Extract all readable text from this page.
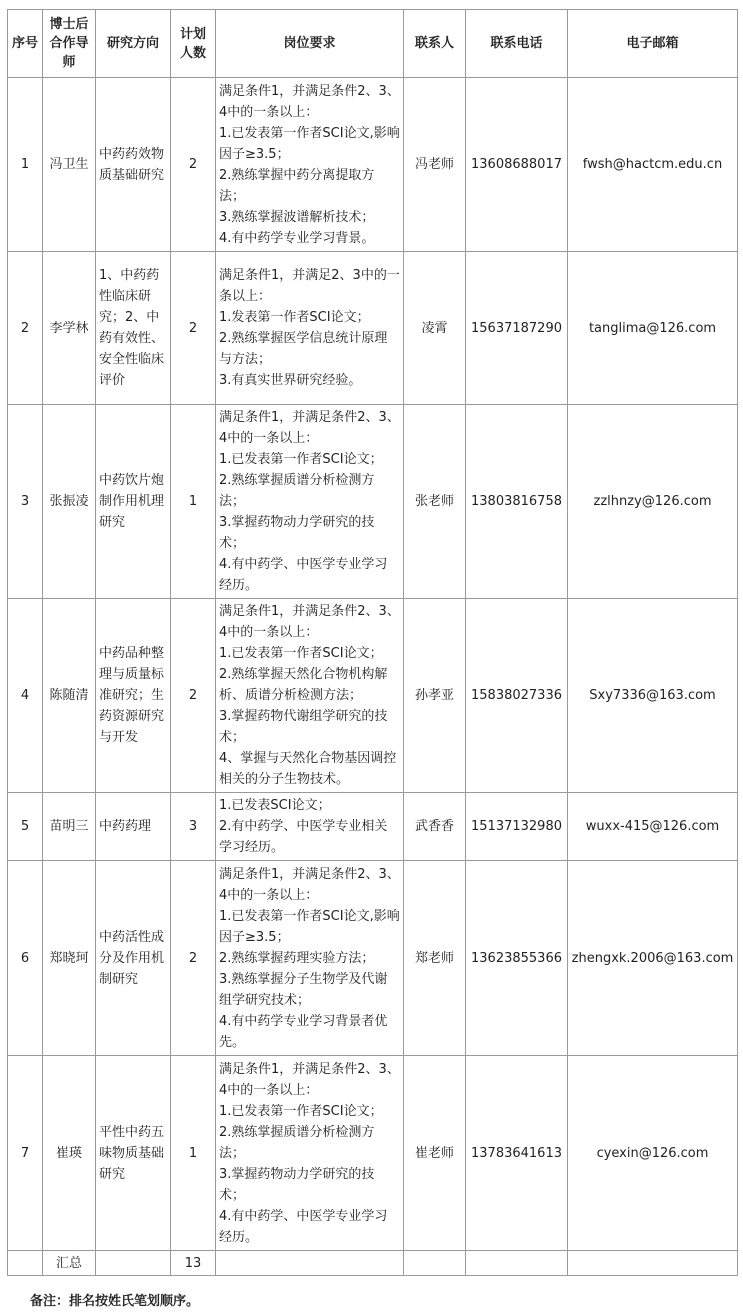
序号	博士后合作导师	研究方向	计划人数	岗位要求	联系人	联系电话	电子邮箱
1	冯卫生	中药药效物质基础研究	2	满足条件1，并满足条件2、3、4中的一条以上：
1.已发表第一作者SCI论文,影响因子≥3.5；
2.熟练掌握中药分离提取方法；
3.熟练掌握波谱解析技术；
4.有中药学专业学习背景。	冯老师	13608688017	fwsh@hactcm.edu.cn
2	李学林	1、中药药性临床研究；2、中药有效性、安全性临床评价	2	满足条件1，并满足2、3中的一条以上：
1.发表第一作者SCI论文；
2.熟练掌握医学信息统计原理与方法；
3.有真实世界研究经验。	凌霄	15637187290	tanglima@126.com
3	张振凌	中药饮片炮制作用机理研究	1	满足条件1，并满足条件2、3、4中的一条以上：
1.已发表第一作者SCI论文；
2.熟练掌握质谱分析检测方法；
3.掌握药物动力学研究的技术；
4.有中药学、中医学专业学习经历。	张老师	13803816758	zzlhnzy@126.com
4	陈随清	中药品种整理与质量标准研究；生药资源研究与开发	2	满足条件1，并满足条件2、3、4中的一条以上：
1.已发表第一作者SCI论文；
2.熟练掌握天然化合物机构解析、质谱分析检测方法；
3.掌握药物代谢组学研究的技术；
4、掌握与天然化合物基因调控相关的分子生物技术。	孙孝亚	15838027336	Sxy7336@163.com
5	苗明三	中药药理	3	1.已发表SCI论文；
2.有中药学、中医学专业相关学习经历。	武香香	15137132980	wuxx-415@126.com
6	郑晓珂	中药活性成分及作用机制研究	2	满足条件1，并满足条件2、3、4中的一条以上：
1.已发表第一作者SCI论文,影响因子≥3.5；
2.熟练掌握药理实验方法；
3.熟练掌握分子生物学及代谢组学研究技术；
4.有中药学专业学习背景者优先。	郑老师	13623855366	zhengxk.2006@163.com
7	崔瑛	平性中药五味物质基础研究	1	满足条件1，并满足条件2、3、4中的一条以上：
1.已发表第一作者SCI论文；
2.熟练掌握质谱分析检测方法；
3.掌握药物动力学研究的技术；
4.有中药学、中医学专业学习经历。	崔老师	13783641613	cyexin@126.com
	汇总		13				
备注：排名按姓氏笔划顺序。
